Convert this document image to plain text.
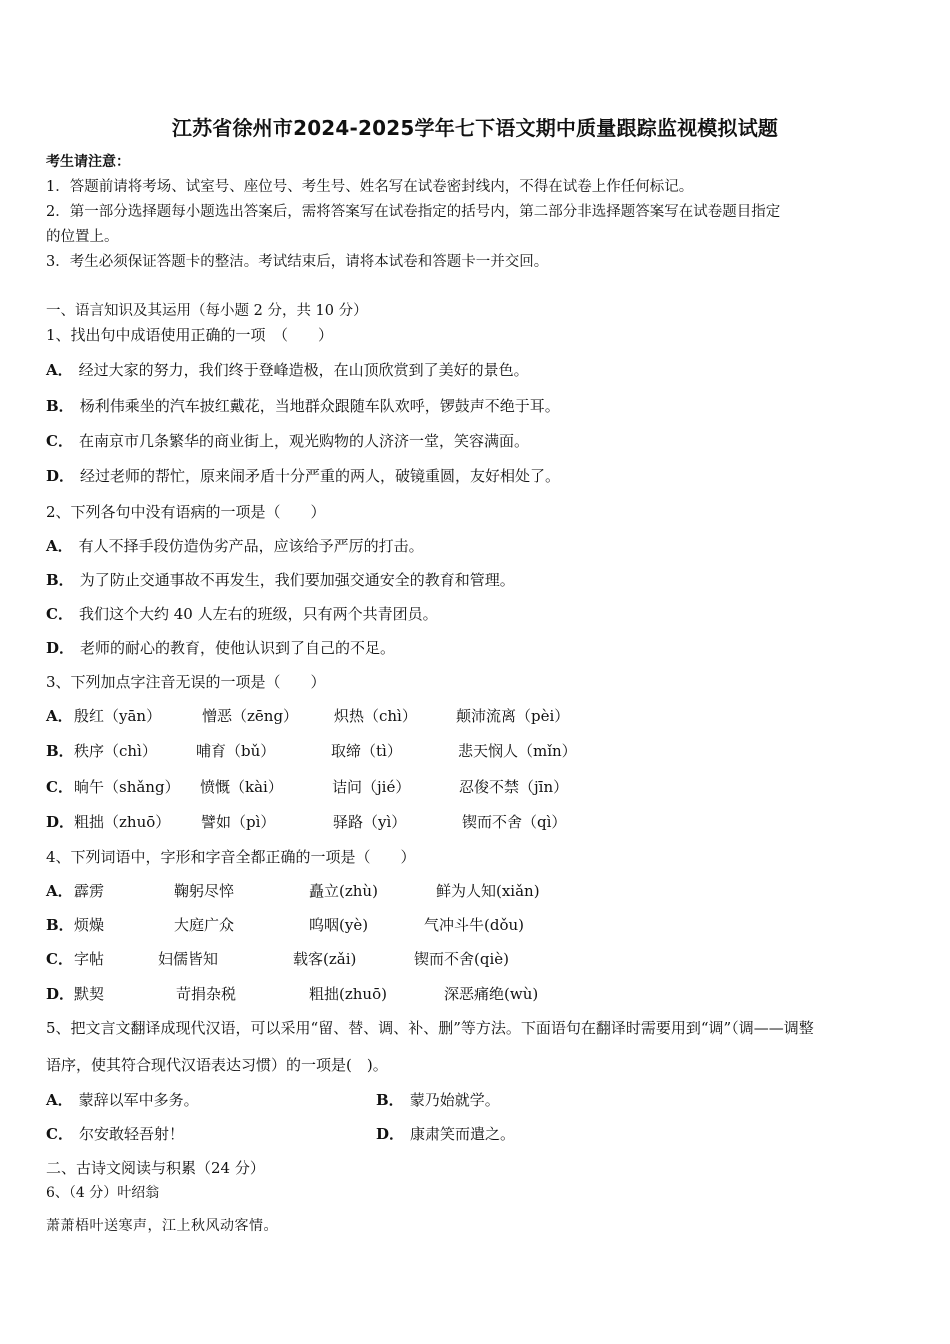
江苏省徐州市2024-2025学年七下语文期中质量跟踪监视模拟试题
考生请注意：
1．答题前请将考场、试室号、座位号、考生号、姓名写在试卷密封线内，不得在试卷上作任何标记。
2．第一部分选择题每小题选出答案后，需将答案写在试卷指定的括号内，第二部分非选择题答案写在试卷题目指定
的位置上。
3．考生必须保证答题卡的整洁。考试结束后，请将本试卷和答题卡一并交回。
一、语言知识及其运用（每小题 2 分，共 10 分）
1、找出句中成语使用正确的一项　（　　）
A． 经过大家的努力，我们终于登峰造极，在山顶欣赏到了美好的景色。
B． 杨利伟乘坐的汽车披红戴花，当地群众跟随车队欢呼，锣鼓声不绝于耳。
C． 在南京市几条繁华的商业街上，观光购物的人济济一堂，笑容满面。
D． 经过老师的帮忙，原来闹矛盾十分严重的两人，破镜重圆，友好相处了。
2、下列各句中没有语病的一项是（　　）
A． 有人不择手段仿造伪劣产品，应该给予严厉的打击。
B． 为了防止交通事故不再发生，我们要加强交通安全的教育和管理。
C． 我们这个大约 40 人左右的班级，只有两个共青团员。
D． 老师的耐心的教育，使他认识到了自己的不足。
3、下列加点字注音无误的一项是（　　）
A． 殷红（yān）	憎恶（zēng） 炽热（chì）	颠沛流离（pèi）
B． 秩序（chì）	哺育（bǔ）	取缔（tì）	悲天悯人（mǐn）
C． 晌午（shǎng） 愤慨（kài）	诘问（jié）	忍俊不禁（jīn）
D． 粗拙（zhuō） 譬如（pì）	驿路（yì）	锲而不舍（qì）
4、下列词语中，字形和字音全都正确的一项是（　　）
A． 霹雳	鞠躬尽悴	矗立(zhù)	鲜为人知(xiǎn)
B． 烦燥	大庭广众	呜咽(yè)	气冲斗牛(dǒu)
C． 字帖	妇儒皆知	载客(zǎi)	锲而不舍(qiè)
D． 默契	苛捐杂税	粗拙(zhuō)	深恶痛绝(wù)
5、把文言文翻译成现代汉语，可以采用“留、替、调、补、删”等方法。下面语句在翻译时需要用到“调”（调——调整
语序，使其符合现代汉语表达习惯）的一项是(　)。
A． 蒙辞以军中多务。	B． 蒙乃始就学。
C． 尔安敢轻吾射！	D． 康肃笑而遣之。
二、古诗文阅读与积累（24 分）
6、（4 分）叶绍翁
萧萧梧叶送寒声，江上秋风动客情。
